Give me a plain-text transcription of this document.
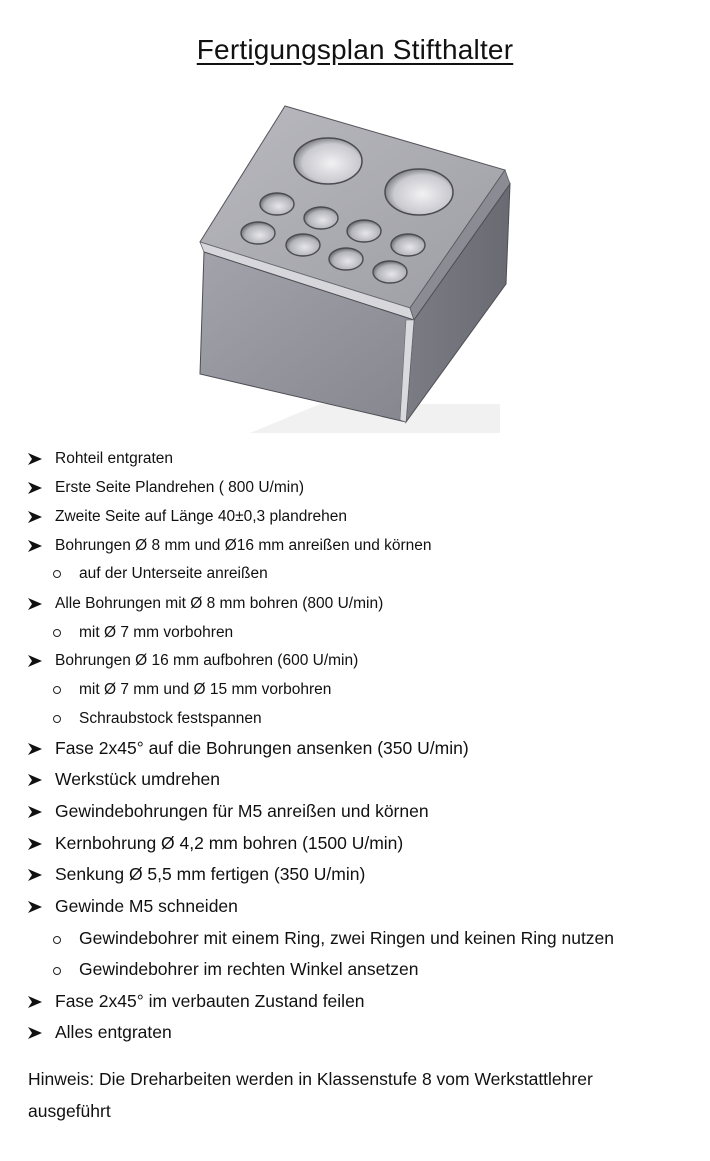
Fertigungsplan Stifthalter
Rohteil entgraten
Erste Seite Plandrehen ( 800 U/min)
Zweite Seite auf Länge 40±0,3 plandrehen
Bohrungen Ø 8 mm und Ø16 mm anreißen und körnen
auf der Unterseite anreißen
Alle Bohrungen mit Ø 8 mm bohren (800 U/min)
mit Ø 7 mm vorbohren
Bohrungen Ø 16 mm aufbohren (600 U/min)
mit Ø 7 mm und Ø 15 mm vorbohren
Schraubstock festspannen
Fase 2x45° auf die Bohrungen ansenken (350 U/min)
Werkstück umdrehen
Gewindebohrungen für M5 anreißen und körnen
Kernbohrung Ø 4,2 mm bohren (1500 U/min)
Senkung Ø 5,5 mm fertigen (350 U/min)
Gewinde M5 schneiden
Gewindebohrer mit einem Ring, zwei Ringen und keinen Ring nutzen
Gewindebohrer im rechten Winkel ansetzen
Fase 2x45° im verbauten Zustand feilen
Alles entgraten
Hinweis: Die Dreharbeiten werden in Klassenstufe 8 vom Werkstattlehrer ausgeführt
